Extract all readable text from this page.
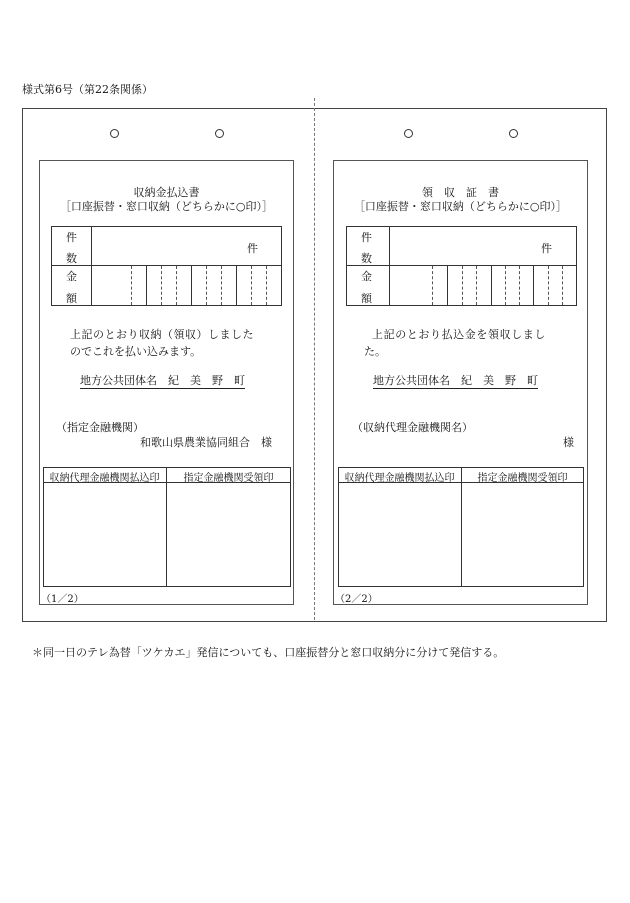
様式第6号（第22条関係）
収納金払込書
［口座振替・窓口収納（どちらかに○印）］
件
数
件
金
額
上記のとおり収納（領収）しました
のでこれを払い込みます。
地方公共団体名　紀　美　野　町
（指定金融機関）
和歌山県農業協同組合　様
収納代理金融機関払込印	指定金融機関受領印
（1／2）
領　収　証　書
［口座振替・窓口収納（どちらかに○印）］
件
数
件
金
額
上記のとおり払込金を領収しまし
た。
地方公共団体名　紀　美　野　町
（収納代理金融機関名）
様
収納代理金融機関払込印	指定金融機関受領印
（2／2）
＊同一日のテレ為替「ツケカエ」発信についても、口座振替分と窓口収納分に分けて発信する。
